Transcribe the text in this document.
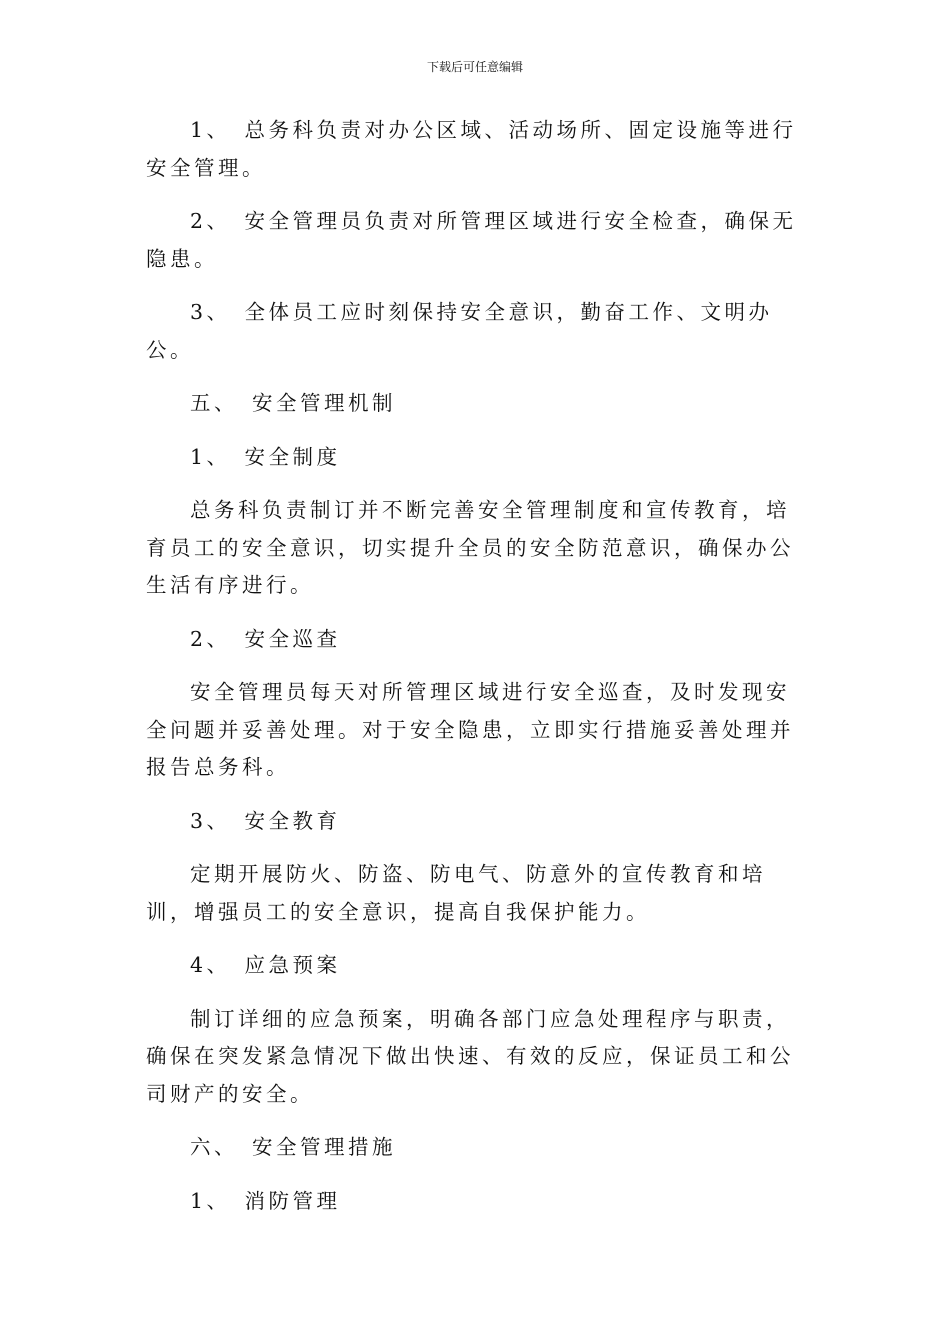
下载后可任意编辑

1、 总务科负责对办公区域、活动场所、固定设施等进行安全管理。

2、 安全管理员负责对所管理区域进行安全检查，确保无隐患。

3、 全体员工应时刻保持安全意识，勤奋工作、文明办公。

五、 安全管理机制

1、 安全制度

总务科负责制订并不断完善安全管理制度和宣传教育，培育员工的安全意识，切实提升全员的安全防范意识，确保办公生活有序进行。

2、 安全巡查

安全管理员每天对所管理区域进行安全巡查，及时发现安全问题并妥善处理。对于安全隐患，立即实行措施妥善处理并报告总务科。

3、 安全教育

定期开展防火、防盗、防电气、防意外的宣传教育和培训，增强员工的安全意识，提高自我保护能力。

4、 应急预案

制订详细的应急预案，明确各部门应急处理程序与职责，确保在突发紧急情况下做出快速、有效的反应，保证员工和公司财产的安全。

六、 安全管理措施

1、 消防管理
